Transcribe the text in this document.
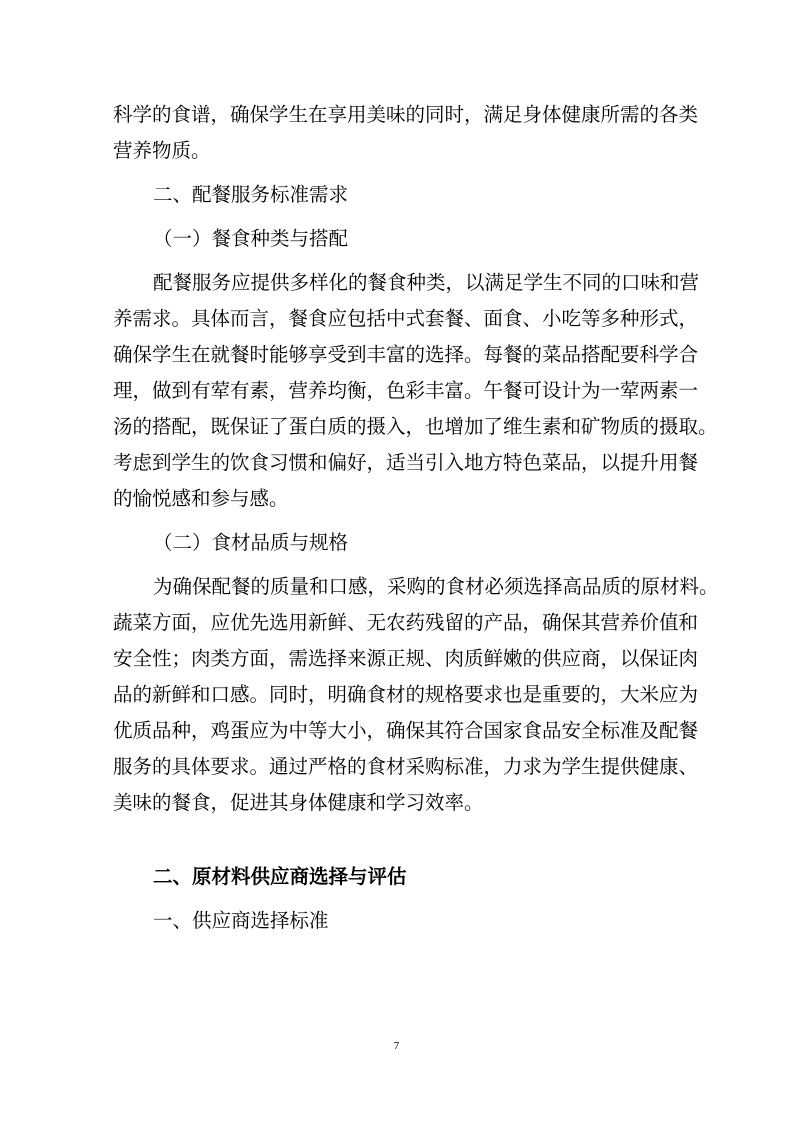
科学的食谱，确保学生在享用美味的同时，满足身体健康所需的各类
营养物质。
二、配餐服务标准需求
（一）餐食种类与搭配
配餐服务应提供多样化的餐食种类，以满足学生不同的口味和营
养需求。具体而言，餐食应包括中式套餐、面食、小吃等多种形式，
确保学生在就餐时能够享受到丰富的选择。每餐的菜品搭配要科学合
理，做到有荤有素，营养均衡，色彩丰富。午餐可设计为一荤两素一
汤的搭配，既保证了蛋白质的摄入，也增加了维生素和矿物质的摄取。
考虑到学生的饮食习惯和偏好，适当引入地方特色菜品，以提升用餐
的愉悦感和参与感。
（二）食材品质与规格
为确保配餐的质量和口感，采购的食材必须选择高品质的原材料。
蔬菜方面，应优先选用新鲜、无农药残留的产品，确保其营养价值和
安全性；肉类方面，需选择来源正规、肉质鲜嫩的供应商，以保证肉
品的新鲜和口感。同时，明确食材的规格要求也是重要的，大米应为
优质品种，鸡蛋应为中等大小，确保其符合国家食品安全标准及配餐
服务的具体要求。通过严格的食材采购标准，力求为学生提供健康、
美味的餐食，促进其身体健康和学习效率。
二、原材料供应商选择与评估
一、供应商选择标准
7
